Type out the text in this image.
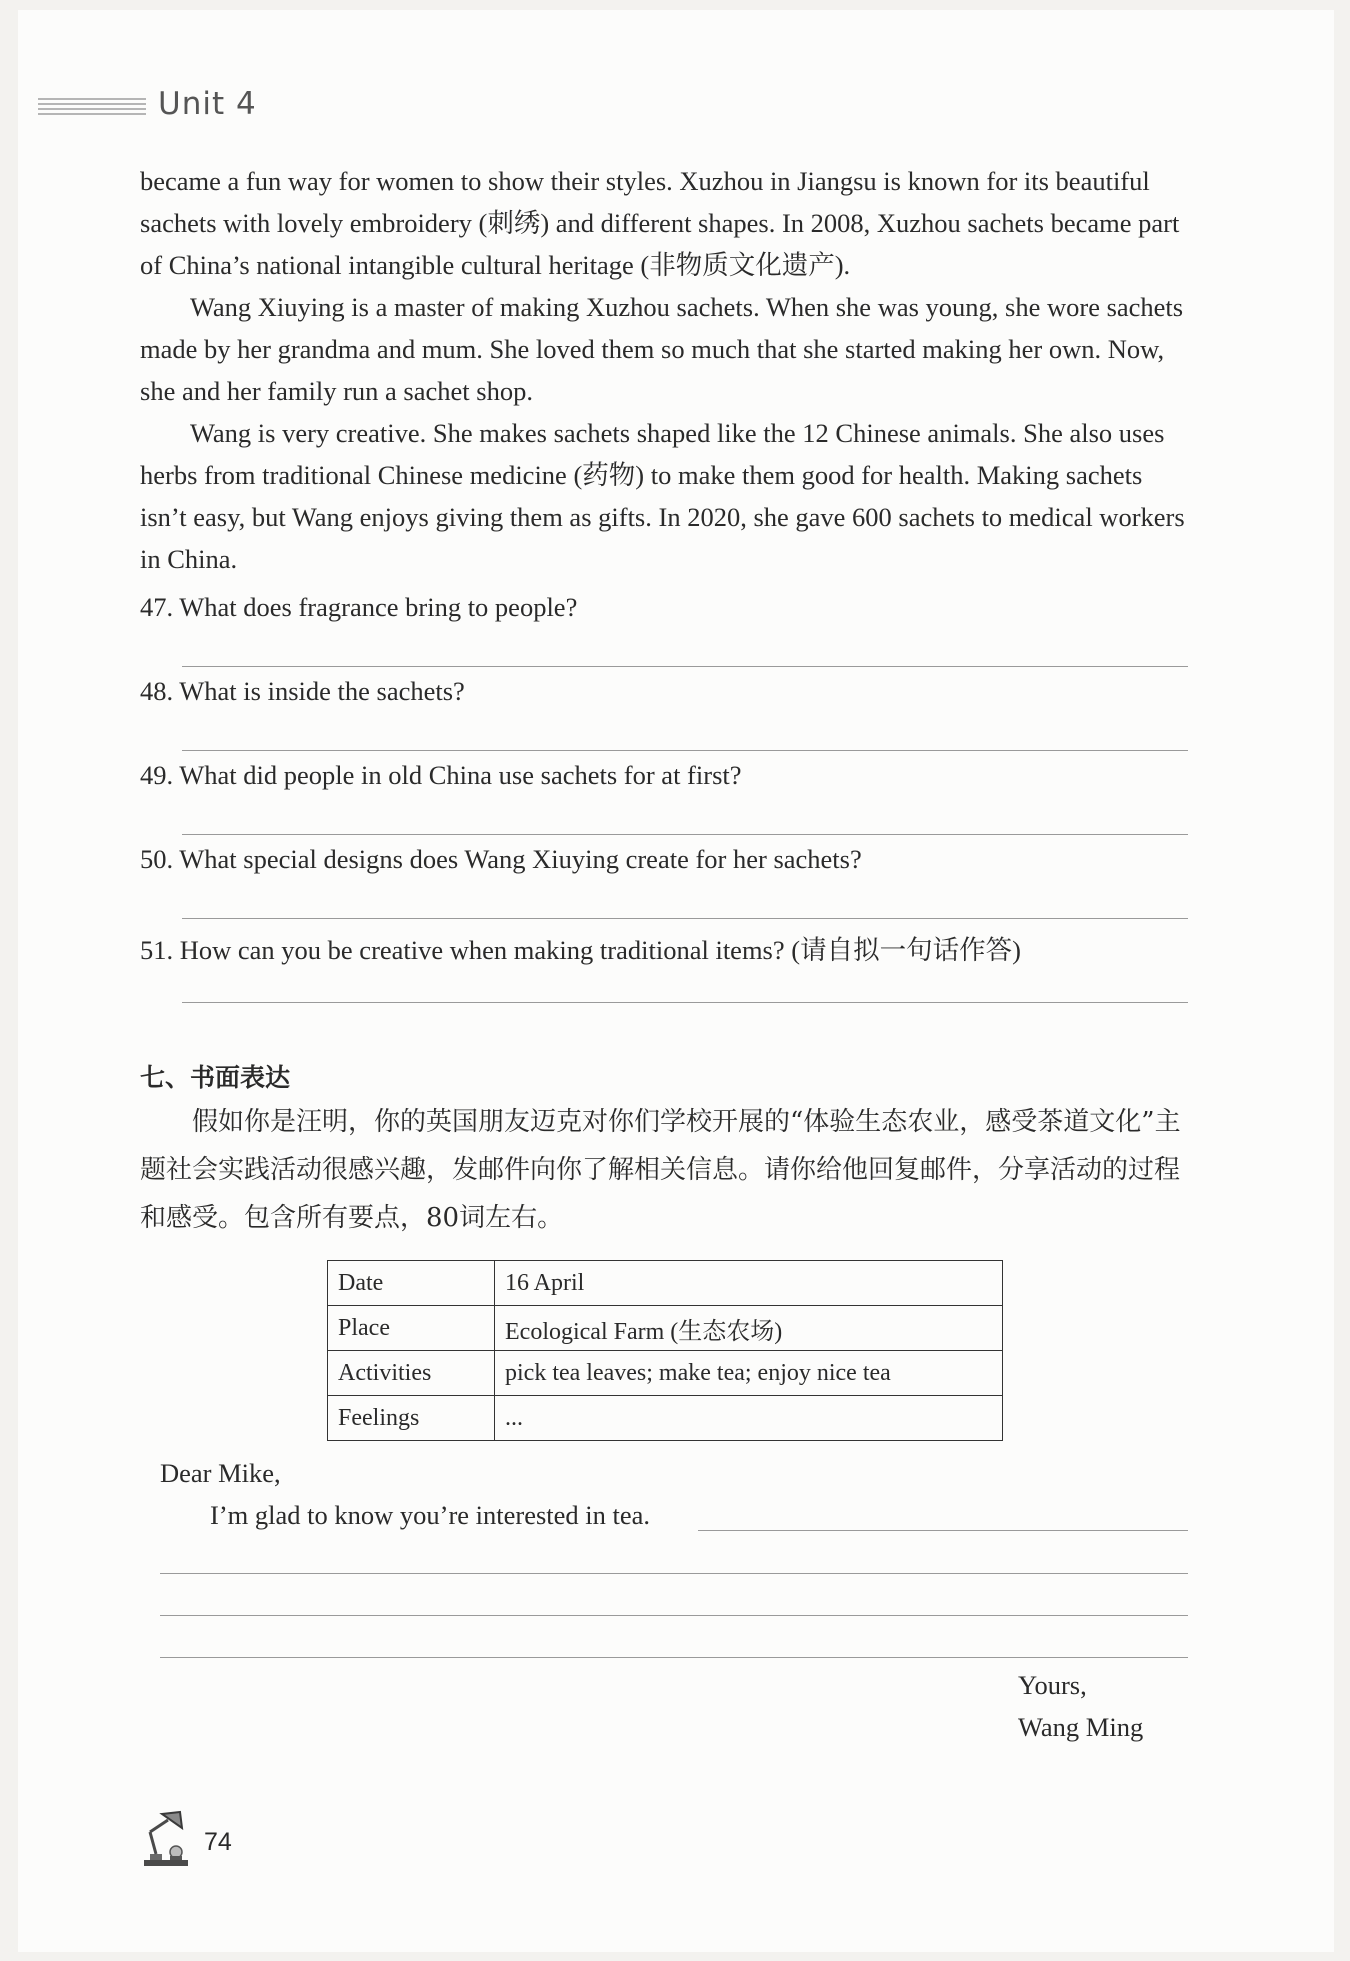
Unit 4

became a fun way for women to show their styles. Xuzhou in Jiangsu is known for its beautiful sachets with lovely embroidery (刺绣) and different shapes. In 2008, Xuzhou sachets became part of China’s national intangible cultural heritage (非物质文化遗产).

Wang Xiuying is a master of making Xuzhou sachets. When she was young, she wore sachets made by her grandma and mum. She loved them so much that she started making her own. Now, she and her family run a sachet shop.

Wang is very creative. She makes sachets shaped like the 12 Chinese animals. She also uses herbs from traditional Chinese medicine (药物) to make them good for health. Making sachets isn’t easy, but Wang enjoys giving them as gifts. In 2020, she gave 600 sachets to medical workers in China.

47. What does fragrance bring to people?
48. What is inside the sachets?
49. What did people in old China use sachets for at first?
50. What special designs does Wang Xiuying create for her sachets?
51. How can you be creative when making traditional items? (请自拟一句话作答)
七、书面表达
假如你是汪明，你的英国朋友迈克对你们学校开展的“体验生态农业，感受茶道文化”主题社会实践活动很感兴趣，发邮件向你了解相关信息。请你给他回复邮件，分享活动的过程和感受。包含所有要点，80词左右。
Date	16 April
Place	Ecological Farm (生态农场)
Activities	pick tea leaves; make tea; enjoy nice tea
Feelings	...
Dear Mike,
I’m glad to know you’re interested in tea.
Yours,
Wang Ming
74
